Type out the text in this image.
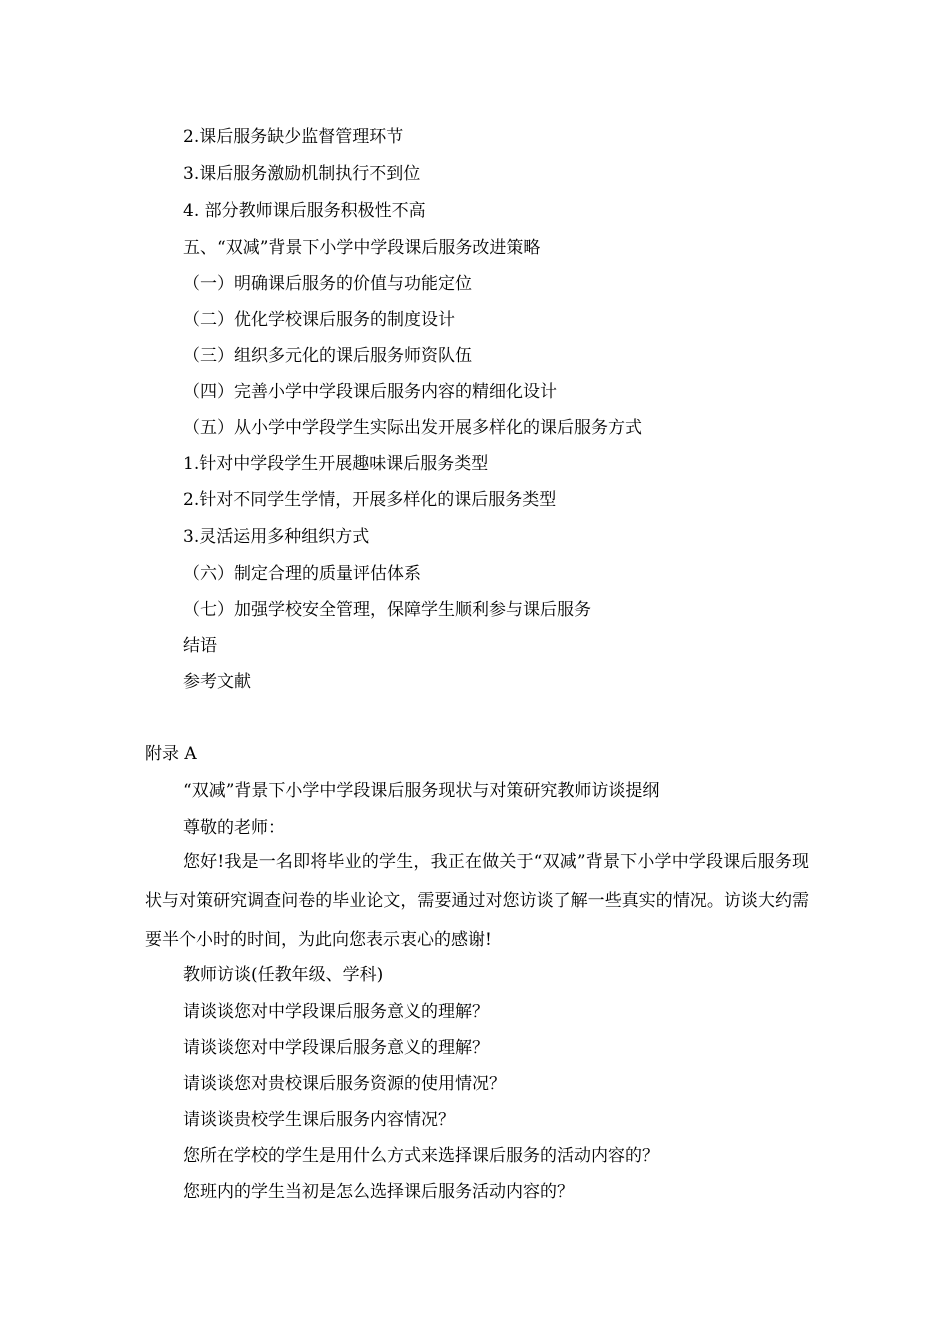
2.课后服务缺少监督管理环节
3.课后服务激励机制执行不到位
4. 部分教师课后服务积极性不高
五、“双减”背景下小学中学段课后服务改进策略
（一）明确课后服务的价值与功能定位
（二）优化学校课后服务的制度设计
（三）组织多元化的课后服务师资队伍
（四）完善小学中学段课后服务内容的精细化设计
（五）从小学中学段学生实际出发开展多样化的课后服务方式
1.针对中学段学生开展趣味课后服务类型
2.针对不同学生学情，开展多样化的课后服务类型
3.灵活运用多种组织方式
（六）制定合理的质量评估体系
（七）加强学校安全管理，保障学生顺利参与课后服务
结语
参考文献
附录 A
“双减”背景下小学中学段课后服务现状与对策研究教师访谈提纲
尊敬的老师：
您好!我是一名即将毕业的学生，我正在做关于“双减”背景下小学中学段课后服务现状与对策研究调查问卷的毕业论文，需要通过对您访谈了解一些真实的情况。访谈大约需要半个小时的时间，为此向您表示衷心的感谢!
教师访谈(任教年级、学科)
请谈谈您对中学段课后服务意义的理解？
请谈谈您对中学段课后服务意义的理解？
请谈谈您对贵校课后服务资源的使用情况？
请谈谈贵校学生课后服务内容情况？
您所在学校的学生是用什么方式来选择课后服务的活动内容的？
您班内的学生当初是怎么选择课后服务活动内容的？
